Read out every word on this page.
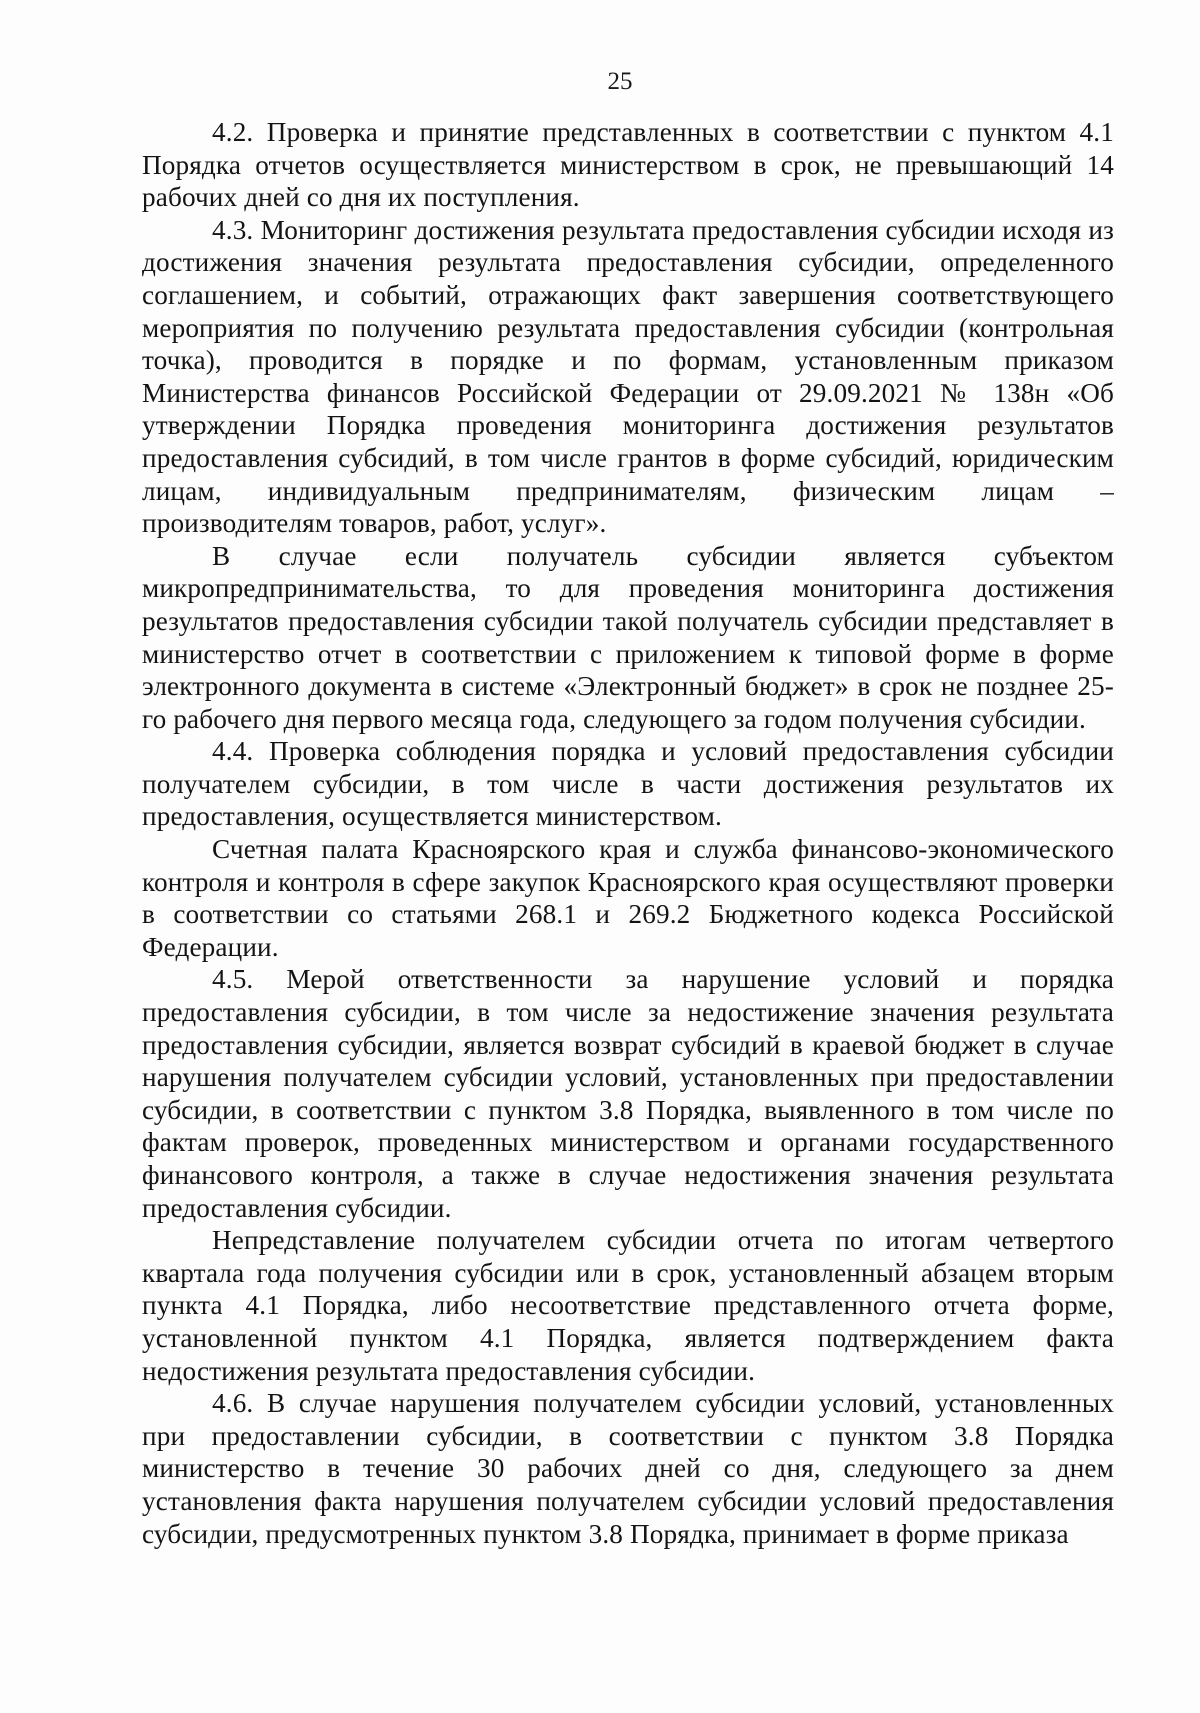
25

4.2. Проверка и принятие представленных в соответствии с пунктом 4.1 Порядка отчетов осуществляется министерством в срок, не превышающий 14 рабочих дней со дня их поступления.

4.3. Мониторинг достижения результата предоставления субсидии исходя из достижения значения результата предоставления субсидии, определенного соглашением, и событий, отражающих факт завершения соответствующего мероприятия по получению результата предоставления субсидии (контрольная точка), проводится в порядке и по формам, установленным приказом Министерства финансов Российской Федерации от 29.09.2021 № 138н «Об утверждении Порядка проведения мониторинга достижения результатов предоставления субсидий, в том числе грантов в форме субсидий, юридическим лицам, индивидуальным предпринимателям, физическим лицам – производителям товаров, работ, услуг».

В случае если получатель субсидии является субъектом микропредпринимательства, то для проведения мониторинга достижения результатов предоставления субсидии такой получатель субсидии представляет в министерство отчет в соответствии с приложением к типовой форме в форме электронного документа в системе «Электронный бюджет» в срок не позднее 25-го рабочего дня первого месяца года, следующего за годом получения субсидии.

4.4. Проверка соблюдения порядка и условий предоставления субсидии получателем субсидии, в том числе в части достижения результатов их предоставления, осуществляется министерством.

Счетная палата Красноярского края и служба финансово-экономического контроля и контроля в сфере закупок Красноярского края осуществляют проверки в соответствии со статьями 268.1 и 269.2 Бюджетного кодекса Российской Федерации.

4.5. Мерой ответственности за нарушение условий и порядка предоставления субсидии, в том числе за недостижение значения результата предоставления субсидии, является возврат субсидий в краевой бюджет в случае нарушения получателем субсидии условий, установленных при предоставлении субсидии, в соответствии с пунктом 3.8 Порядка, выявленного в том числе по фактам проверок, проведенных министерством и органами государственного финансового контроля, а также в случае недостижения значения результата предоставления субсидии.

Непредставление получателем субсидии отчета по итогам четвертого квартала года получения субсидии или в срок, установленный абзацем вторым пункта 4.1 Порядка, либо несоответствие представленного отчета форме, установленной пунктом 4.1 Порядка, является подтверждением факта недостижения результата предоставления субсидии.

4.6. В случае нарушения получателем субсидии условий, установленных при предоставлении субсидии, в соответствии с пунктом 3.8 Порядка министерство в течение 30 рабочих дней со дня, следующего за днем установления факта нарушения получателем субсидии условий предоставления субсидии, предусмотренных пунктом 3.8 Порядка, принимает в форме приказа
